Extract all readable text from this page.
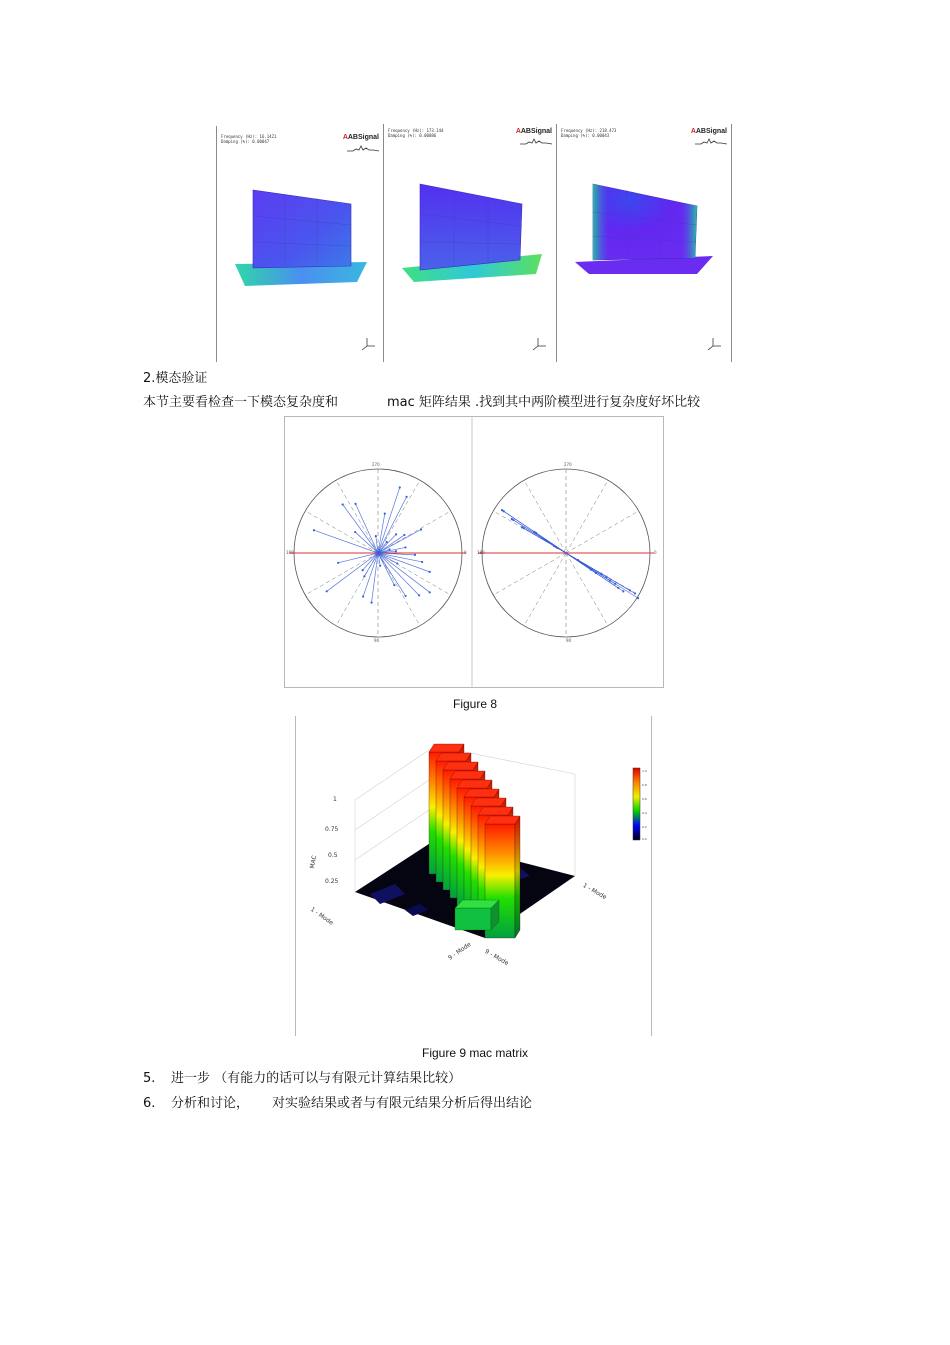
Frequency (Hz): 16.1421
Damping (%): 0.00047
AABSignal
Frequency (Hz): 173.144
Damping (%): 0.00086
AABSignal Frequency (Hz): 218.473
Damping (%): 0.00043
AABSignal
2.模态验证
本节主要看检查一下模态复杂度和	mac 矩阵结果 .找到其中两阶模型进行复杂度好坏比较
270
90
180	0
270
90
180	0
Figure 8
1.0
0.8
0.6
0.4
0.2
0.0
1
0.75
0.5
0.25
MAC
1 - Mode
9 - Mode 9 - Mode
1 - Mode
Figure 9 mac matrix
5. 进一步 （有能力的话可以与有限元计算结果比较）
6. 分析和讨论， 对实验结果或者与有限元结果分析后得出结论
